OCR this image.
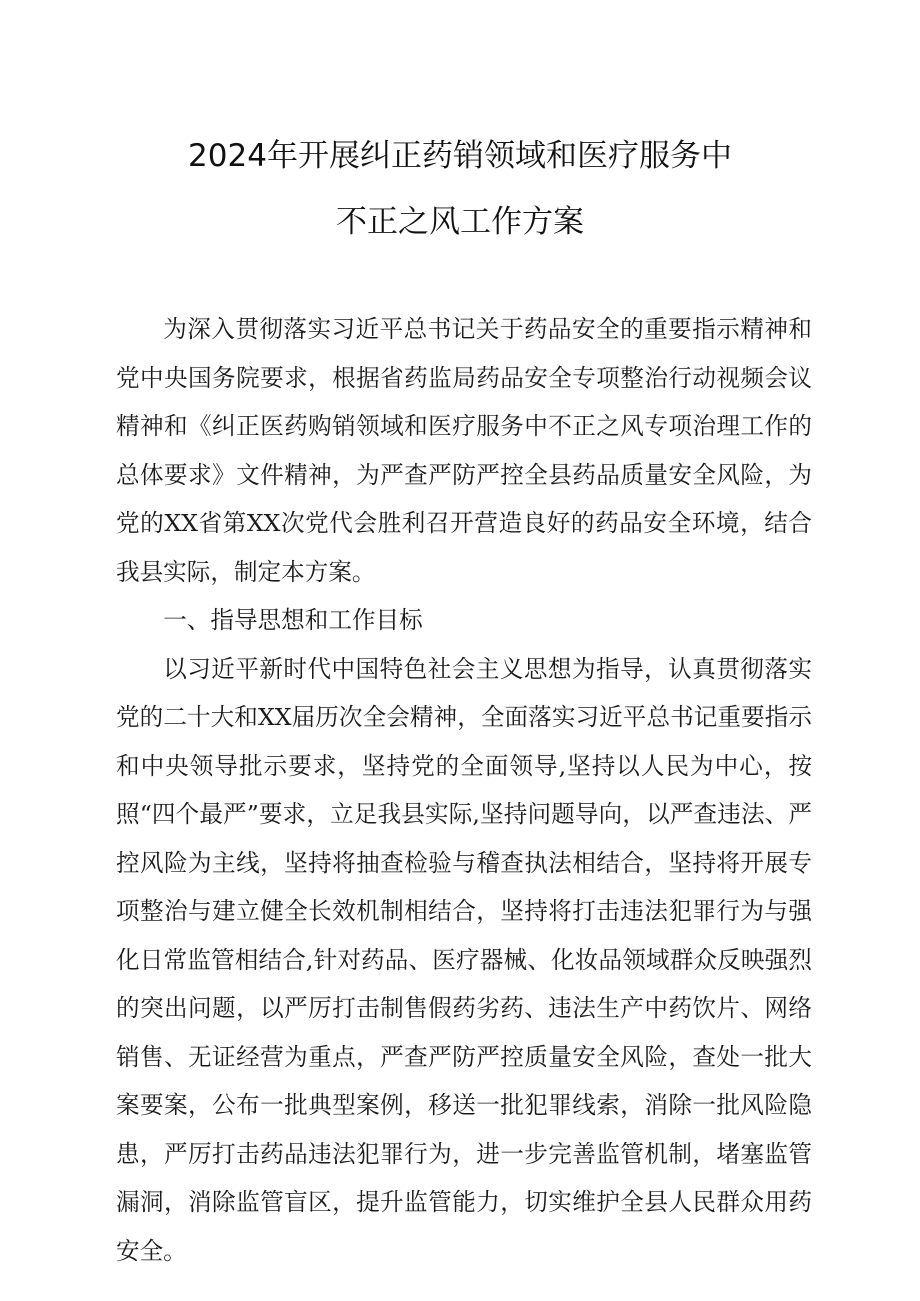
2024年开展纠正药销领域和医疗服务中
不正之风工作方案

为深入贯彻落实习近平总书记关于药品安全的重要指示精神和党中央国务院要求，根据省药监局药品安全专项整治行动视频会议精神和《纠正医药购销领域和医疗服务中不正之风专项治理工作的总体要求》文件精神，为严查严防严控全县药品质量安全风险，为党的XX省第XX次党代会胜利召开营造良好的药品安全环境，结合我县实际，制定本方案。

一、指导思想和工作目标

以习近平新时代中国特色社会主义思想为指导，认真贯彻落实党的二十大和XX届历次全会精神，全面落实习近平总书记重要指示和中央领导批示要求，坚持党的全面领导,坚持以人民为中心，按照“四个最严”要求，立足我县实际,坚持问题导向，以严查违法、严控风险为主线，坚持将抽查检验与稽查执法相结合，坚持将开展专项整治与建立健全长效机制相结合，坚持将打击违法犯罪行为与强化日常监管相结合,针对药品、医疗器械、化妆品领域群众反映强烈的突出问题，以严厉打击制售假药劣药、违法生产中药饮片、网络销售、无证经营为重点，严查严防严控质量安全风险，查处一批大案要案，公布一批典型案例，移送一批犯罪线索，消除一批风险隐患，严厉打击药品违法犯罪行为，进一步完善监管机制，堵塞监管漏洞，消除监管盲区，提升监管能力，切实维护全县人民群众用药安全。
